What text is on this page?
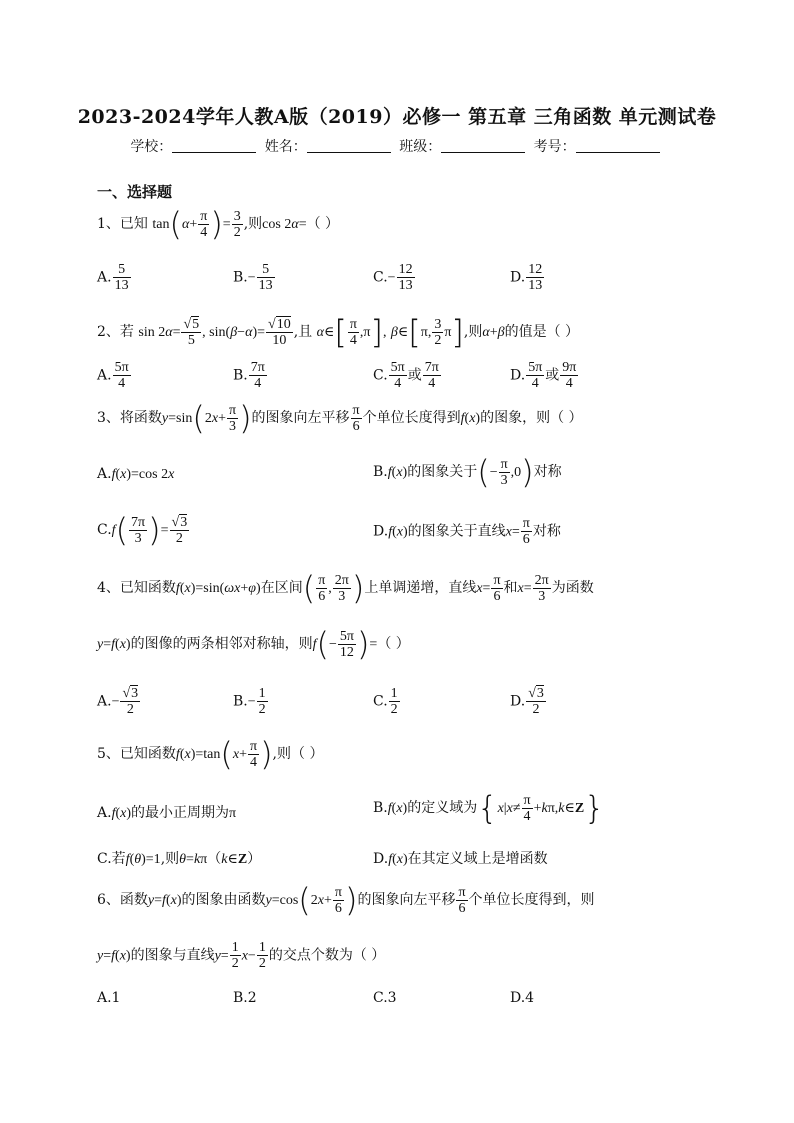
2023-2024学年人教A版（2019）必修一 第五章 三角函数 单元测试卷
学校：	姓名：	班级：	考号：
一、选择题
1、已知 $\tan(\alpha+ \frac{\pi}{4}$ )= $\frac{3}{2}$ ,则cos 2α=（ ）
A. $\frac{5}{13}$	$B.- \frac{5}{13}$	$C.- \frac{12}{13}$	D. $\frac{12}{13}$
2、若 $\sin 2\alpha= \frac{√5}{5}$ , $\sin(\beta-\alpha)= \frac{√10}{10}$ ,且 α∈[ $\frac{\pi}{4} ,\pi$], β∈[π, $\frac{3}{2} \pi$],则α+β的值是（ ）
A. $\frac{5\pi}{4}$	B. $\frac{7\pi}{4}$	C. $\frac{5\pi}{4}$ 或 $\frac{7\pi}{4}$	D. $\frac{5\pi}{4}$ 或 $\frac{9\pi}{4}$
3、将函数$y=\sin(2x+ \frac{\pi}{3}$ )的图象向左平移 $\frac{\pi}{6}$ 个单位长度得到f(x)的图象，则（ ）
A.f(x)=cos 2x	B.f(x)的图象关于(− $\frac{\pi}{3} ,0$)对称
$C.f( \frac{7\pi}{3}$ )= $\frac{√3}{2}$	D.f(x)的图象关于直线$x= \frac{\pi}{6}$ 对称
4、已知函数f(x)=sin(ωx+φ)在区间( $\frac{\pi}{6}$ , $\frac{2\pi}{3}$ )上单调递增，直线$x= \frac{\pi}{6}$ 和$x= \frac{2\pi}{3}$ 为函数
y=f(x)的图像的两条相邻对称轴，则$f(- \frac{5\pi}{12}$ )=（ ）
$A.- \frac{√3}{2}$	$B.- \frac{1}{2}$	C. $\frac{1}{2}$	D. $\frac{√3}{2}$
5、已知函数$f(x)=\tan(x+ \frac{\pi}{4}$ ),则（ ）
A.f(x)的最小正周期为π	B.f(x)的定义域为{$x|x\ne \frac{\pi}{4}$ +kπ,k∈Z}
C.若f(θ)=1,则θ=kπ（k∈Z）	D.f(x)在其定义域上是增函数
6、函数y=f(x)的图象由函数$y=\cos(2x+ \frac{\pi}{6}$ )的图象向左平移 $\frac{\pi}{6}$ 个单位长度得到，则
y=f(x)的图象与直线$y= \frac{1}{2} x- \frac{1}{2}$ 的交点个数为（ ）
A.1	B.2	C.3	D.4
